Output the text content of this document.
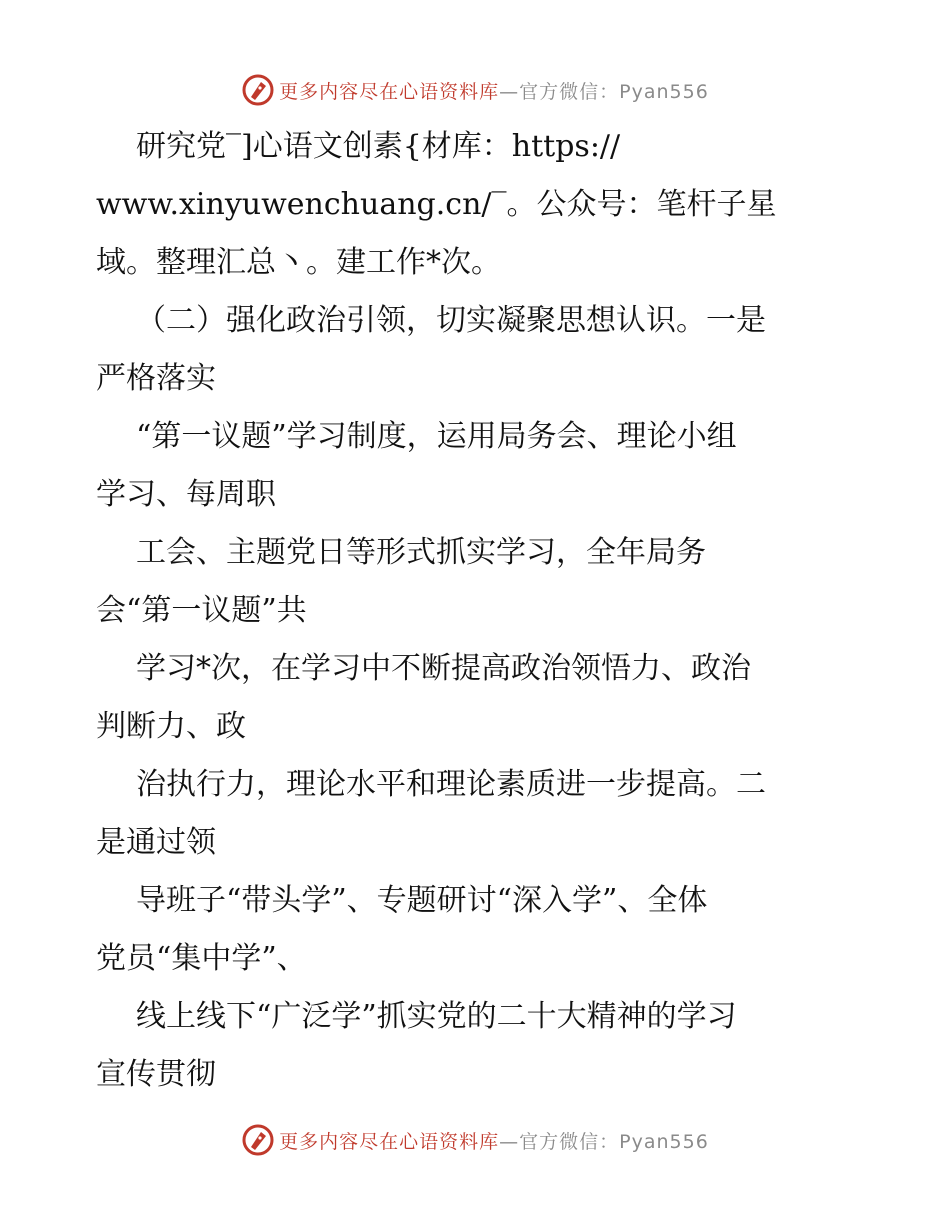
更多内容尽在心语资料库—官方微信：Pyan556
研究党‾]心语文创素{材库：https://
www.xinyuwenchuang.cn/‾。公众号：笔杆子星
域。整理汇总丶。建工作*次。
（二）强化政治引领，切实凝聚思想认识。一是
严格落实
“第一议题”学习制度，运用局务会、理论小组
学习、每周职
工会、主题党日等形式抓实学习，全年局务
会“第一议题”共
学习*次，在学习中不断提高政治领悟力、政治
判断力、政
治执行力，理论水平和理论素质进一步提高。二
是通过领
导班子“带头学”、专题研讨“深入学”、全体
党员“集中学”、
线上线下“广泛学”抓实党的二十大精神的学习
宣传贯彻
更多内容尽在心语资料库—官方微信：Pyan556
